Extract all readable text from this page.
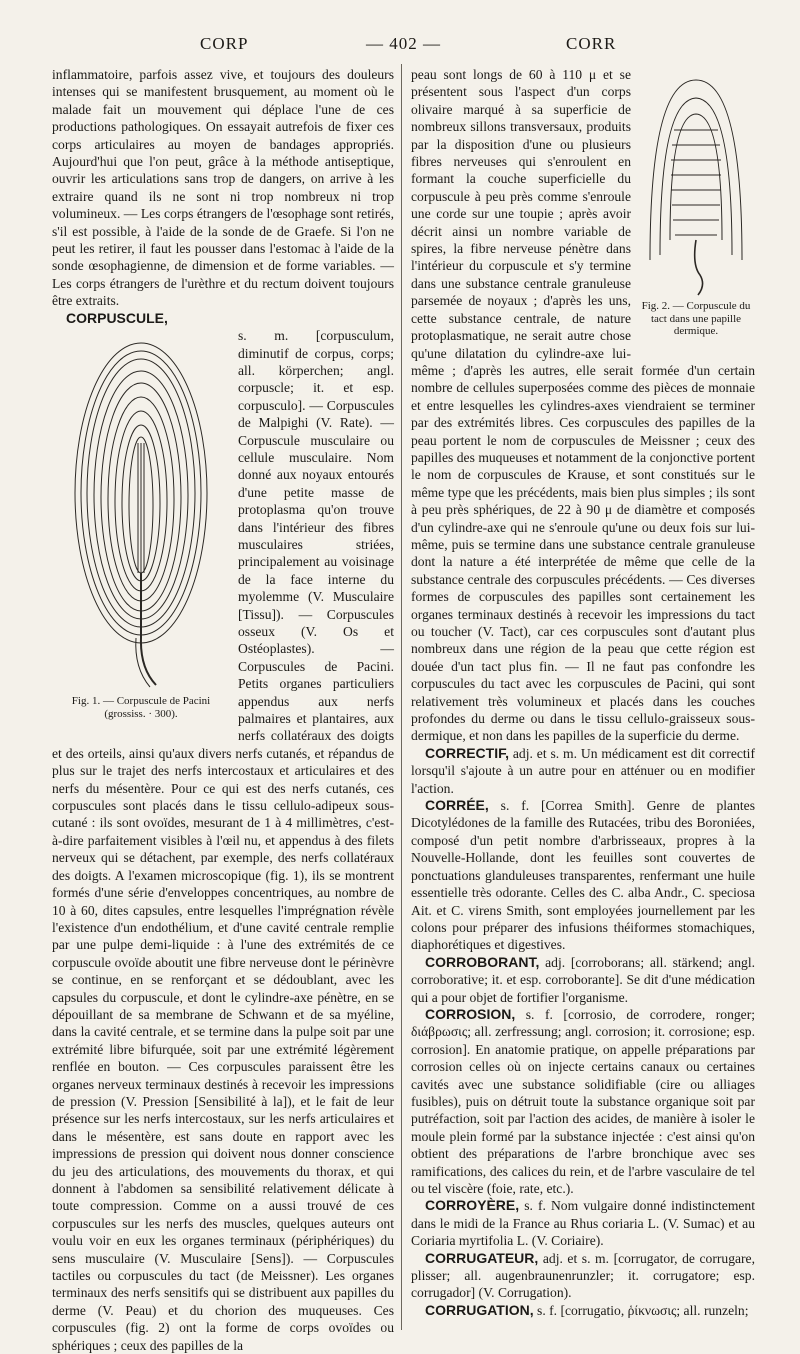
CORP	— 402 —	CORR

inflammatoire, parfois assez vive, et toujours des douleurs intenses qui se manifestent brusquement, au moment où le malade fait un mouvement qui déplace l'une de ces productions pathologiques. On essayait autrefois de fixer ces corps articulaires au moyen de bandages appropriés. Aujourd'hui que l'on peut, grâce à la méthode antiseptique, ouvrir les articulations sans trop de dangers, on arrive à les extraire quand ils ne sont ni trop nombreux ni trop volumineux. — Les corps étrangers de l'œsophage sont retirés, s'il est possible, à l'aide de la sonde de de Graefe. Si l'on ne peut les retirer, il faut les pousser dans l'estomac à l'aide de la sonde œsophagienne, de dimension et de forme variables. — Les corps étrangers de l'urèthre et du rectum doivent toujours être extraits.

CORPUSCULE,

Fig. 1. — Corpuscule de Pacini (grossiss. · 300).

s. m. [corpusculum, diminutif de corpus, corps; all. körperchen; angl. corpuscle; it. et esp. corpusculo]. — Corpuscules de Malpighi (V. Rate). — Corpuscule musculaire ou cellule musculaire. Nom donné aux noyaux entourés d'une petite masse de protoplasma qu'on trouve dans l'intérieur des fibres musculaires striées, principalement au voisinage de la face interne du myolemme (V. Musculaire [Tissu]). — Corpuscules osseux (V. Os et Ostéoplastes). — Corpuscules de Pacini. Petits organes particuliers appendus aux nerfs palmaires et plantaires, aux nerfs collatéraux des doigts et des orteils, ainsi qu'aux divers nerfs cutanés, et répandus de plus sur le trajet des nerfs intercostaux et articulaires et des nerfs du mésentère. Pour ce qui est des nerfs cutanés, ces corpuscules sont placés dans le tissu cellulo-adipeux sous-cutané : ils sont ovoïdes, mesurant de 1 à 4 millimètres, c'est-à-dire parfaitement visibles à l'œil nu, et appendus à des filets nerveux qui se détachent, par exemple, des nerfs collatéraux des doigts. A l'examen microscopique (fig. 1), ils se montrent formés d'une série d'enveloppes concentriques, au nombre de 10 à 60, dites capsules, entre lesquelles l'imprégnation révèle l'existence d'un endothélium, et d'une cavité centrale remplie par une pulpe demi-liquide : à l'une des extrémités de ce corpuscule ovoïde aboutit une fibre nerveuse dont le périnèvre se continue, en se renforçant et se dédoublant, avec les capsules du corpuscule, et dont le cylindre-axe pénètre, en se dépouillant de sa membrane de Schwann et de sa myéline, dans la cavité centrale, et se termine dans la pulpe soit par une extrémité libre bifurquée, soit par une extrémité légèrement renflée en bouton. — Ces corpuscules paraissent être les organes nerveux terminaux destinés à recevoir les impressions de pression (V. Pression [Sensibilité à la]), et le fait de leur présence sur les nerfs intercostaux, sur les nerfs articulaires et dans le mésentère, est sans doute en rapport avec les impressions de pression qui doivent nous donner conscience du jeu des articulations, des mouvements du thorax, et qui donnent à l'abdomen sa sensibilité relativement délicate à toute compression. Comme on a aussi trouvé de ces corpuscules sur les nerfs des muscles, quelques auteurs ont voulu voir en eux les organes terminaux (périphériques) du sens musculaire (V. Musculaire [Sens]). — Corpuscules tactiles ou corpuscules du tact (de Meissner). Les organes terminaux des nerfs sensitifs qui se distribuent aux papilles du derme (V. Peau) et du chorion des muqueuses. Ces corpuscules (fig. 2) ont la forme de corps ovoïdes ou sphériques ; ceux des papilles de la

Fig. 2. — Corpuscule du tact dans une papille dermique.

peau sont longs de 60 à 110 μ et se présentent sous l'aspect d'un corps olivaire marqué à sa superficie de nombreux sillons transversaux, produits par la disposition d'une ou plusieurs fibres nerveuses qui s'enroulent en formant la couche superficielle du corpuscule à peu près comme s'enroule une corde sur une toupie ; après avoir décrit ainsi un nombre variable de spires, la fibre nerveuse pénètre dans l'intérieur du corpuscule et s'y termine dans une substance centrale granuleuse parsemée de noyaux ; d'après les uns, cette substance centrale, de nature protoplasmatique, ne serait autre chose qu'une dilatation du cylindre-axe lui-même ; d'après les autres, elle serait formée d'un certain nombre de cellules superposées comme des pièces de monnaie et entre lesquelles les cylindres-axes viendraient se terminer par des extrémités libres. Ces corpuscules des papilles de la peau portent le nom de corpuscules de Meissner ; ceux des papilles des muqueuses et notamment de la conjonctive portent le nom de corpuscules de Krause, et sont constitués sur le même type que les précédents, mais bien plus simples ; ils sont à peu près sphériques, de 22 à 90 μ de diamètre et composés d'un cylindre-axe qui ne s'enroule qu'une ou deux fois sur lui-même, puis se termine dans une substance centrale granuleuse dont la nature a été interprétée de même que celle de la substance centrale des corpuscules précédents. — Ces diverses formes de corpuscules des papilles sont certainement les organes terminaux destinés à recevoir les impressions du tact ou toucher (V. Tact), car ces corpuscules sont d'autant plus nombreux dans une région de la peau que cette région est douée d'un tact plus fin. — Il ne faut pas confondre les corpuscules du tact avec les corpuscules de Pacini, qui sont relativement très volumineux et placés dans les couches profondes du derme ou dans le tissu cellulo-graisseux sous-dermique, et non dans les papilles de la superficie du derme.

CORRECTIF, adj. et s. m. Un médicament est dit correctif lorsqu'il s'ajoute à un autre pour en atténuer ou en modifier l'action.

CORRÉE, s. f. [Correa Smith]. Genre de plantes Dicotylédones de la famille des Rutacées, tribu des Boroniées, composé d'un petit nombre d'arbrisseaux, propres à la Nouvelle-Hollande, dont les feuilles sont couvertes de ponctuations glanduleuses transparentes, renfermant une huile essentielle très odorante. Celles des C. alba Andr., C. speciosa Ait. et C. virens Smith, sont employées journellement par les colons pour préparer des infusions théiformes stomachiques, diaphorétiques et digestives.

CORROBORANT, adj. [corroborans; all. stärkend; angl. corroborative; it. et esp. corroborante]. Se dit d'une médication qui a pour objet de fortifier l'organisme.

CORROSION, s. f. [corrosio, de corrodere, ronger; διάβρωσις; all. zerfressung; angl. corrosion; it. corrosione; esp. corrosion]. En anatomie pratique, on appelle préparations par corrosion celles où on injecte certains canaux ou certaines cavités avec une substance solidifiable (cire ou alliages fusibles), puis on détruit toute la substance organique soit par putréfaction, soit par l'action des acides, de manière à isoler le moule plein formé par la substance injectée : c'est ainsi qu'on obtient des préparations de l'arbre bronchique avec ses ramifications, des calices du rein, et de l'arbre vasculaire de tel ou tel viscère (foie, rate, etc.).

CORROYÈRE, s. f. Nom vulgaire donné indistinctement dans le midi de la France au Rhus coriaria L. (V. Sumac) et au Coriaria myrtifolia L. (V. Coriaire).

CORRUGATEUR, adj. et s. m. [corrugator, de corrugare, plisser; all. augenbraunenrunzler; it. corrugatore; esp. corrugador] (V. Corrugation).

CORRUGATION, s. f. [corrugatio, ῥίκνωσις; all. runzeln;
